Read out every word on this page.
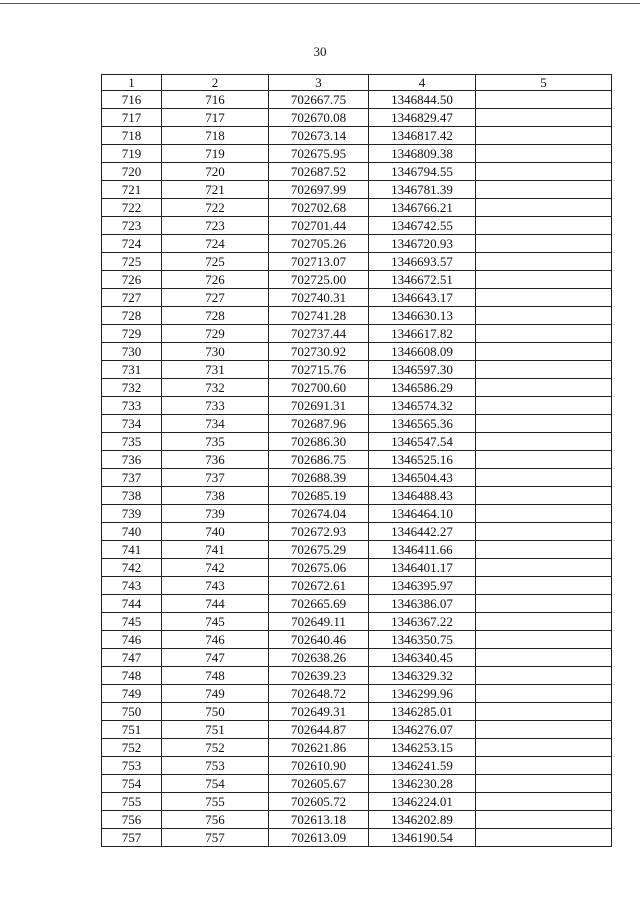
30
1	2	3	4	5
716	716	702667.75	1346844.50	
717	717	702670.08	1346829.47	
718	718	702673.14	1346817.42	
719	719	702675.95	1346809.38	
720	720	702687.52	1346794.55	
721	721	702697.99	1346781.39	
722	722	702702.68	1346766.21	
723	723	702701.44	1346742.55	
724	724	702705.26	1346720.93	
725	725	702713.07	1346693.57	
726	726	702725.00	1346672.51	
727	727	702740.31	1346643.17	
728	728	702741.28	1346630.13	
729	729	702737.44	1346617.82	
730	730	702730.92	1346608.09	
731	731	702715.76	1346597.30	
732	732	702700.60	1346586.29	
733	733	702691.31	1346574.32	
734	734	702687.96	1346565.36	
735	735	702686.30	1346547.54	
736	736	702686.75	1346525.16	
737	737	702688.39	1346504.43	
738	738	702685.19	1346488.43	
739	739	702674.04	1346464.10	
740	740	702672.93	1346442.27	
741	741	702675.29	1346411.66	
742	742	702675.06	1346401.17	
743	743	702672.61	1346395.97	
744	744	702665.69	1346386.07	
745	745	702649.11	1346367.22	
746	746	702640.46	1346350.75	
747	747	702638.26	1346340.45	
748	748	702639.23	1346329.32	
749	749	702648.72	1346299.96	
750	750	702649.31	1346285.01	
751	751	702644.87	1346276.07	
752	752	702621.86	1346253.15	
753	753	702610.90	1346241.59	
754	754	702605.67	1346230.28	
755	755	702605.72	1346224.01	
756	756	702613.18	1346202.89	
757	757	702613.09	1346190.54	
